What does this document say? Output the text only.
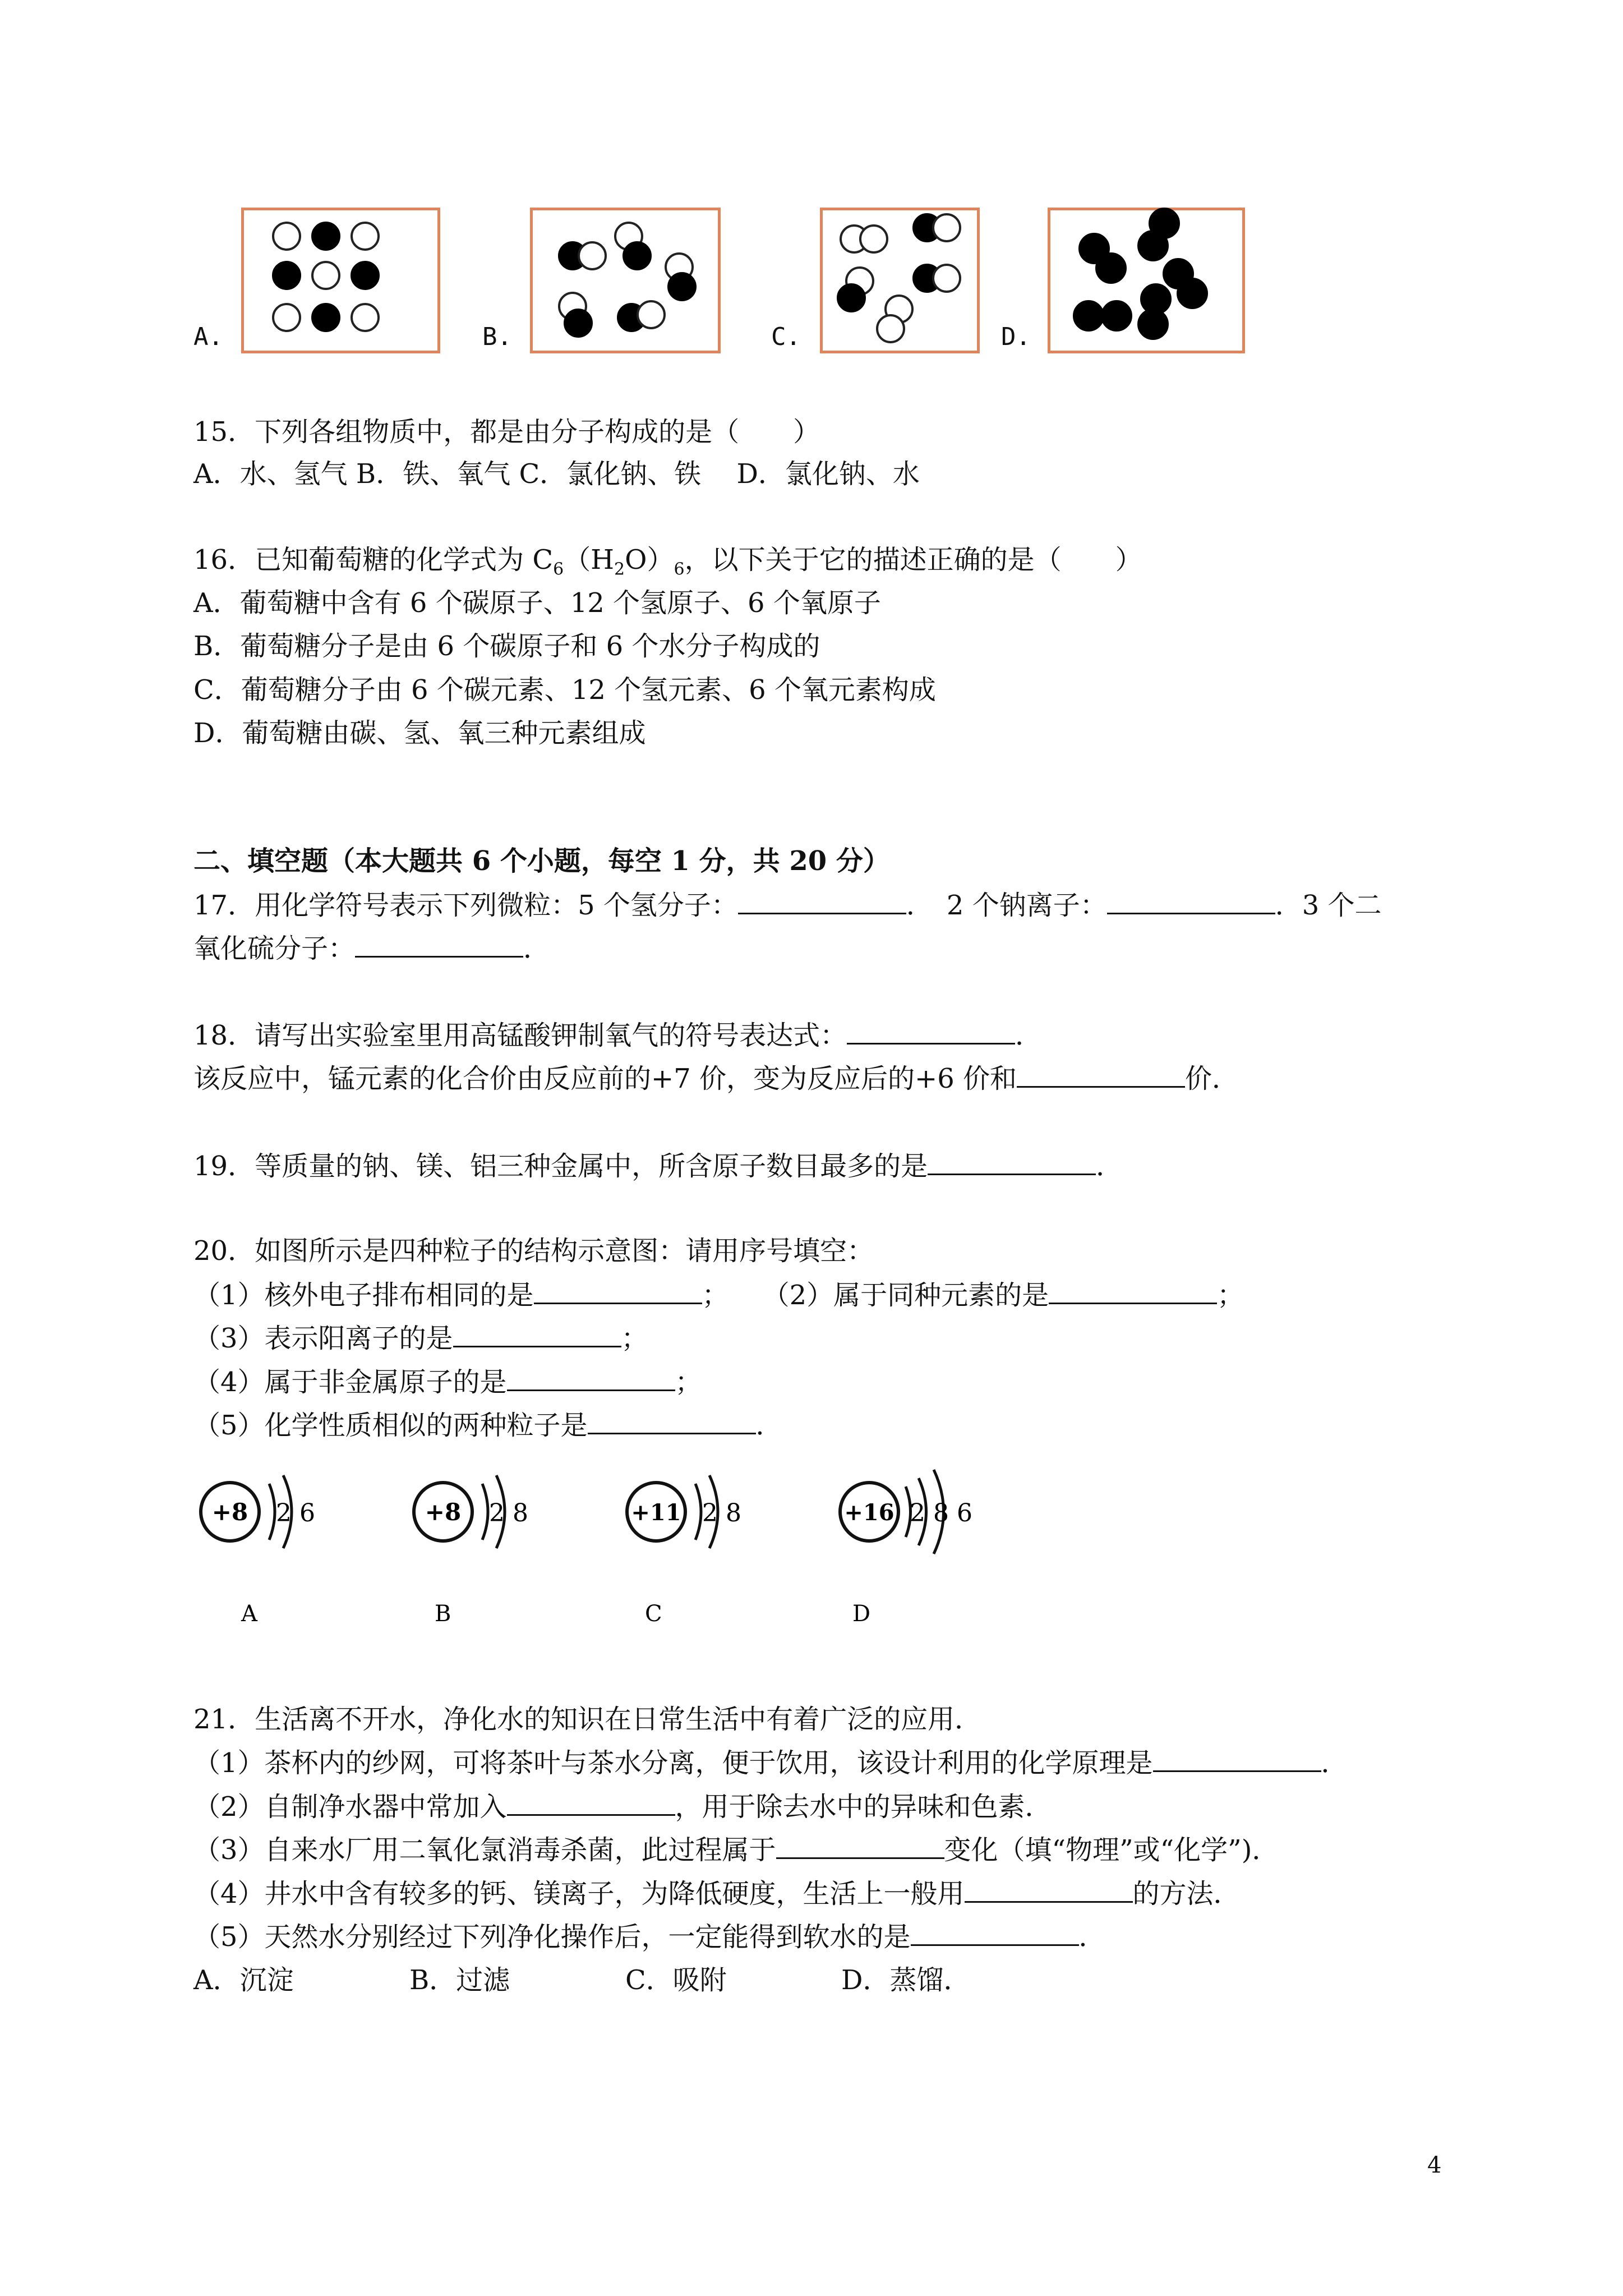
A.	B.	C.	D.
15．下列各组物质中，都是由分子构成的是（　　）
A．水、氢气 B．铁、氧气 C．氯化钠、铁　 D．氯化钠、水
16．已知葡萄糖的化学式为 $C_6(H_2O)_6$，以下关于它的描述正确的是（　　）
A．葡萄糖中含有 6 个碳原子、12 个氢原子、6 个氧原子
B．葡萄糖分子是由 6 个碳原子和 6 个水分子构成的
C．葡萄糖分子由 6 个碳元素、12 个氢元素、6 个氧元素构成
D．葡萄糖由碳、氢、氧三种元素组成
二、填空题（本大题共 6 个小题，每空 1 分，共 20 分）
17．用化学符号表示下列微粒：5 个氢分子：	．　2 个钠离子：	．3 个二
氧化硫分子：	．
18．请写出实验室里用高锰酸钾制氧气的符号表达式：	．
该反应中，锰元素的化合价由反应前的+7 价，变为反应后的+6 价和	价．
19．等质量的钠、镁、铝三种金属中，所含原子数目最多的是	．
20．如图所示是四种粒子的结构示意图：请用序号填空：
（1）核外电子排布相同的是	； （2）属于同种元素的是	；
（3）表示阳离子的是	；
（4）属于非金属原子的是	；
（5）化学性质相似的两种粒子是	．
+8 2 6
A
+8 2 8
B
+11 2 8
C
+16 2 8 6
D
21．生活离不开水，净化水的知识在日常生活中有着广泛的应用．
（1）茶杯内的纱网，可将茶叶与茶水分离，便于饮用，该设计利用的化学原理是	．
（2）自制净水器中常加入	，用于除去水中的异味和色素．
（3）自来水厂用二氧化氯消毒杀菌，此过程属于	变化（填“物理”或“化学”)．
（4）井水中含有较多的钙、镁离子，为降低硬度，生活上一般用	的方法．
（5）天然水分别经过下列净化操作后，一定能得到软水的是	．
A．沉淀	B．过滤	C．吸附	D．蒸馏．
4
